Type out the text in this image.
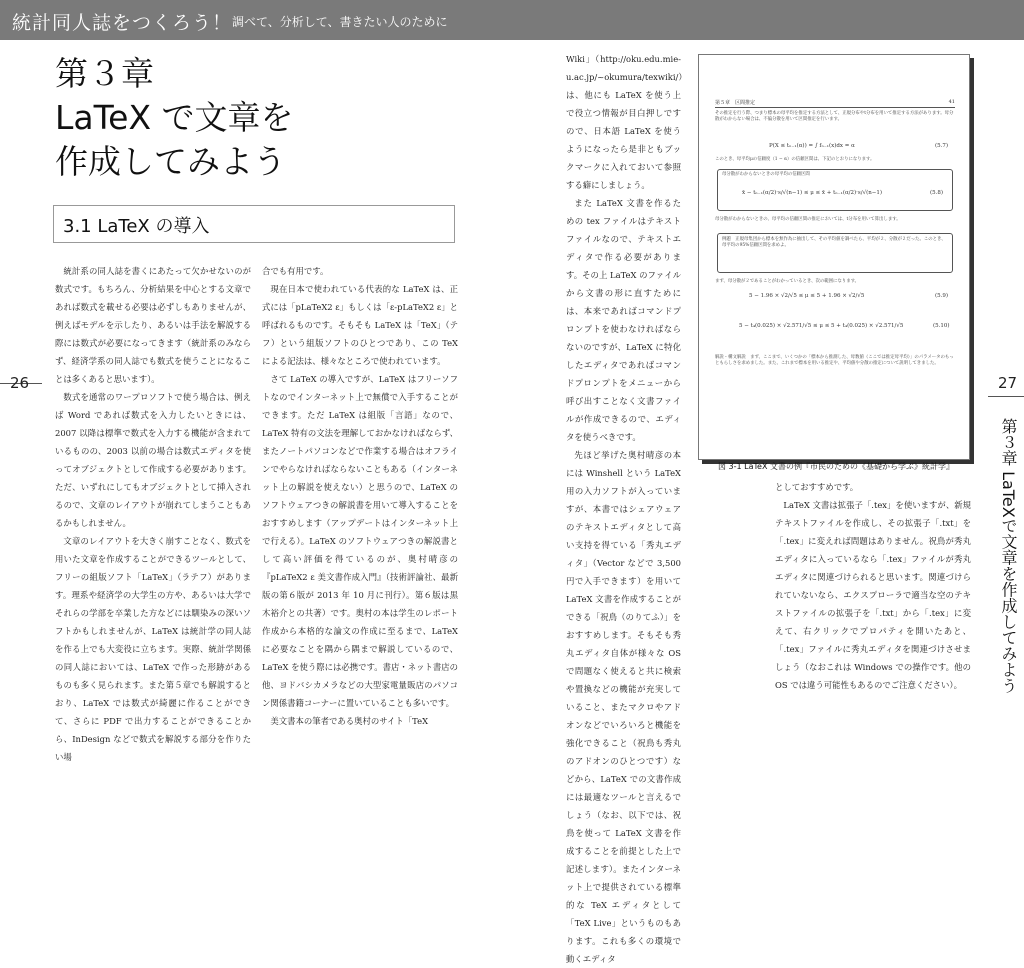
統計同人誌をつくろう！ 調べて、分析して、書きたい人のために
第３章
LaTeX で文章を
作成してみよう
3.1 LaTeX の導入
26	27
第３章 LaTeXで文章を作成してみよう

統計系の同人誌を書くにあたって欠かせないのが数式です。もちろん、分析結果を中心とする文章であれば数式を載せる必要は必ずしもありませんが、例えばモデルを示したり、あるいは手法を解説する際には数式が必要になってきます（統計系のみならず、経済学系の同人誌でも数式を使うことになることは多くあると思います）。

数式を通常のワープロソフトで使う場合は、例えば Word であれば数式を入力したいときには、2007 以降は標準で数式を入力する機能が含まれているものの、2003 以前の場合は数式エディタを使ってオブジェクトとして作成する必要があります。ただ、いずれにしてもオブジェクトとして挿入されるので、文章のレイアウトが崩れてしまうこともあるかもしれません。

文章のレイアウトを大きく崩すことなく、数式を用いた文章を作成することができるツールとして、フリーの組版ソフト「LaTeX」（ラテフ）があります。理系や経済学の大学生の方や、あるいは大学でそれらの学部を卒業した方などには馴染みの深いソフトかもしれませんが、LaTeX は統計学の同人誌を作る上でも大変役に立ちます。実際、統計学関係の同人誌においては、LaTeX で作った形跡があるものも多く見られます。また第５章でも解説するとおり、LaTeX では数式が綺麗に作ることができて、さらに PDF で出力することができることから、InDesign などで数式を解説する部分を作りたい場

合でも有用です。

現在日本で使われている代表的な LaTeX は、正式には「pLaTeX2 ε」もしくは「ε-pLaTeX2 ε」と呼ばれるものです。そもそも LaTeX は「TeX」（テフ）という組版ソフトのひとつであり、この TeX による記法は、様々なところで使われています。

さて LaTeX の導入ですが、LaTeX はフリーソフトなのでインターネット上で無償で入手することができます。ただ LaTeX は組版「言語」なので、LaTeX 特有の文法を理解しておかなければならず、またノートパソコンなどで作業する場合はオフラインでやらなければならないこともある（インターネット上の解説を使えない）と思うので、LaTeX のソフトウェアつきの解説書を用いて導入することをおすすめします（アップデートはインターネット上で行える）。LaTeX のソフトウェアつきの解説書として高い評価を得ているのが、奥村晴彦の『pLaTeX2 ε 美文書作成入門』（技術評論社、最新版の第６版が 2013 年 10 月に刊行）。第６版は黒木裕介との共著）です。奥村の本は学生のレポート作成から本格的な論文の作成に至るまで、LaTeX に必要なことを隅から隅まで解説しているので、LaTeX を使う際には必携です。書店・ネット書店の他、ヨドバシカメラなどの大型家電量販店のパソコン関係書籍コーナーに置いていることも多いです。

美文書本の筆者である奥村のサイト「TeX

Wiki」（http://oku.edu.mie-u.ac.jp/~okumura/texwiki/）は、他にも LaTeX を使う上で役立つ情報が目白押しですので、日本語 LaTeX を使うようになったら是非ともブックマークに入れておいて参照する癖にしましょう。

また LaTeX 文書を作るための tex ファイルはテキストファイルなので、テキストエディタで作る必要があります。その上 LaTeX のファイルから文書の形に直すためには、本来であればコマンドプロンプトを使わなければならないのですが、LaTeX に特化したエディタであればコマンドプロンプトをメニューから呼び出すことなく文書ファイルが作成できるので、エディタを使うべきです。

先ほど挙げた奥村晴彦の本には Winshell という LaTeX 用の入力ソフトが入っていますが、本書ではシェアウェアのテキストエディタとして高い支持を得ている「秀丸エディタ」（Vector などで 3,500 円で入手できます）を用いて LaTeX 文書を作成することができる「祝鳥（のりてふ）」をおすすめします。そもそも秀丸エディタ自体が様々な OS で問題なく使えると共に検索や置換などの機能が充実していること、またマクロやアドオンなどでいろいろと機能を強化できること（祝鳥も秀丸のアドオンのひとつです）などから、LaTeX での文書作成には最適なツールと言えるでしょう（なお、以下では、祝鳥を使って LaTeX 文書を作成することを前提とした上で記述します）。またインターネット上で提供されている標準的な TeX エディタとして「TeX Live」というものもあります。これも多くの環境で動くエディタ

としておすすめです。

LaTeX 文書は拡張子「.tex」を使いますが、新規テキストファイルを作成し、その拡張子「.txt」を「.tex」に変えれば問題はありません。祝鳥が秀丸エディタに入っているなら「.tex」ファイルが秀丸エディタに関連づけられると思います。関連づけられていないなら、エクスプローラで適当な空のテキストファイルの拡張子を「.txt」から「.tex」に変えて、右クリックでプロパティを開いたあと、「.tex」ファイルに秀丸エディタを関連づけさせましょう（なおこれは Windows での操作です。他の OS では違う可能性もあるのでご注意ください）。

第５章　区間推定	41
その推定を行う際、つまり標本の母平均を推定する方法として、正規分布やt分布を用いて推定する方法があります。母分散がわからない場合は、不偏分散を用いて区間推定を行います。
P(X ≤ tₙ₋₁(α)) = ∫ fₙ₋₁(x)dx = α	(5.7)
このとき、母平均μの信頼度（1 − α）の信頼区間は、下記のとおりになります。
母分散がわからないときの母平均の信頼区間
x̄ − tₙ₋₁(α/2)·s/√(n−1) ≤ μ ≤ x̄ + tₙ₋₁(α/2)·s/√(n−1)	(5.8)
母分散がわからないときの、母平均の信頼区間の推定においては、t分布を用いて算出します。
例題　正規母集団から標本を無作為に抽出して、その平均値を調べたら、平均が２、分散が２だった。このとき、母平均の95%信頼区間を求めよ。
まず、母分散が２であることがわかっているとき、次の範囲になります。
5 − 1.96 × √2/√5 ≤ μ ≤ 5 + 1.96 × √2/√5	(5.9)
5 − t₄(0.025) × √2.571/√5 ≤ μ ≤ 5 + t₄(0.025) × √2.571/√5	(5.10)
解説・構文解説　まず、ここまで、いくつかの「標本から推測した、母数値（ここでは推定母平均）」のパラメータのもっともらしさを求めました。また、これまで標本を用いる推定や、平均値や分散の推定について説明してきました。
図 3-1 LaTeX 文書の例『市民のための《基礎から学ぶ》統計学』
